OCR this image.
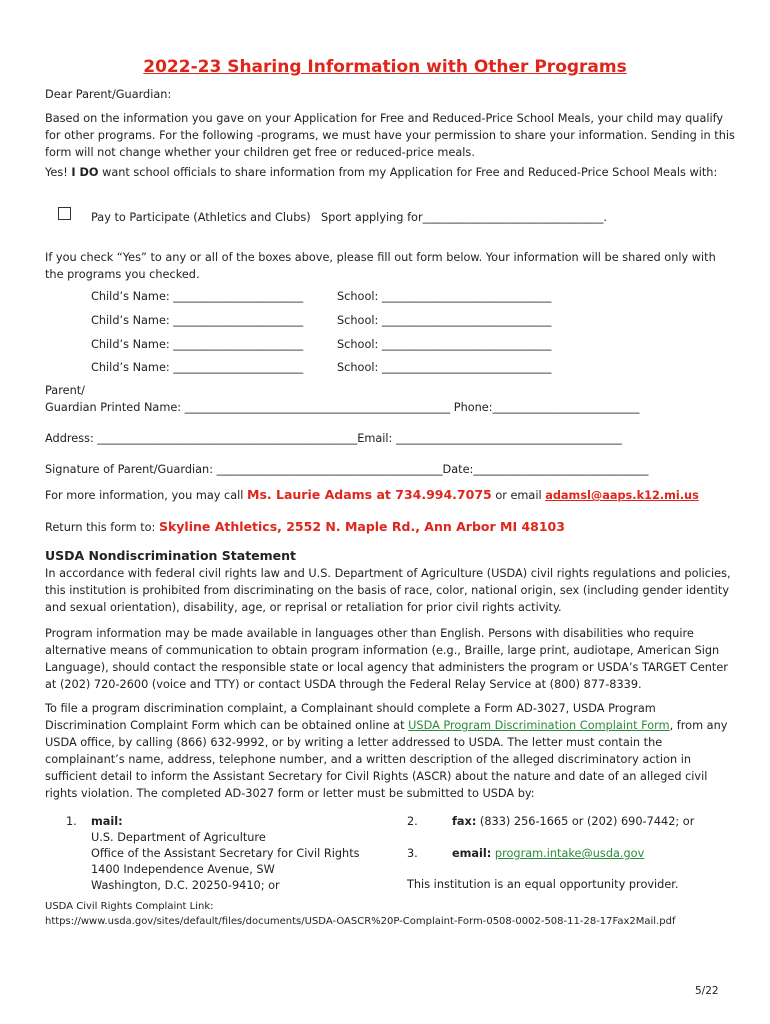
2022-23 Sharing Information with Other Programs
Dear Parent/Guardian:
Based on the information you gave on your Application for Free and Reduced-Price School Meals, your child may qualify for other programs. For the following -programs, we must have your permission to share your information. Sending in this form will not change whether your children get free or reduced-price meals.
Yes! I DO want school officials to share information from my Application for Free and Reduced-Price School Meals with:
Pay to Participate (Athletics and Clubs) Sport applying for________________________________.
If you check “Yes” to any or all of the boxes above, please fill out form below. Your information will be shared only with the programs you checked.
Child’s Name: _______________________	School: ______________________________
Child’s Name: _______________________	School: ______________________________
Child’s Name: _______________________	School: ______________________________
Child’s Name: _______________________	School: ______________________________
Parent/
Guardian Printed Name: _______________________________________________ Phone:__________________________
Address: ______________________________________________Email: ________________________________________
Signature of Parent/Guardian: ________________________________________Date:_______________________________
For more information, you may call Ms. Laurie Adams at 734.994.7075 or email adamsl@aaps.k12.mi.us
Return this form to: Skyline Athletics, 2552 N. Maple Rd., Ann Arbor MI 48103
USDA Nondiscrimination Statement
In accordance with federal civil rights law and U.S. Department of Agriculture (USDA) civil rights regulations and policies, this institution is prohibited from discriminating on the basis of race, color, national origin, sex (including gender identity and sexual orientation), disability, age, or reprisal or retaliation for prior civil rights activity.
Program information may be made available in languages other than English. Persons with disabilities who require alternative means of communication to obtain program information (e.g., Braille, large print, audiotape, American Sign Language), should contact the responsible state or local agency that administers the program or USDA’s TARGET Center at (202) 720-2600 (voice and TTY) or contact USDA through the Federal Relay Service at (800) 877-8339.
To file a program discrimination complaint, a Complainant should complete a Form AD-3027, USDA Program Discrimination Complaint Form which can be obtained online at USDA Program Discrimination Complaint Form, from any USDA office, by calling (866) 632-9992, or by writing a letter addressed to USDA. The letter must contain the complainant’s name, address, telephone number, and a written description of the alleged discriminatory action in sufficient detail to inform the Assistant Secretary for Civil Rights (ASCR) about the nature and date of an alleged civil rights violation. The completed AD-3027 form or letter must be submitted to USDA by:
1. mail:
U.S. Department of Agriculture
Office of the Assistant Secretary for Civil Rights
1400 Independence Avenue, SW
Washington, D.C. 20250-9410; or
2.	fax: (833) 256-1665 or (202) 690-7442; or
3.	email: program.intake@usda.gov
This institution is an equal opportunity provider.
USDA Civil Rights Complaint Link:
https://www.usda.gov/sites/default/files/documents/USDA-OASCR%20P-Complaint-Form-0508-0002-508-11-28-17Fax2Mail.pdf
5/22
